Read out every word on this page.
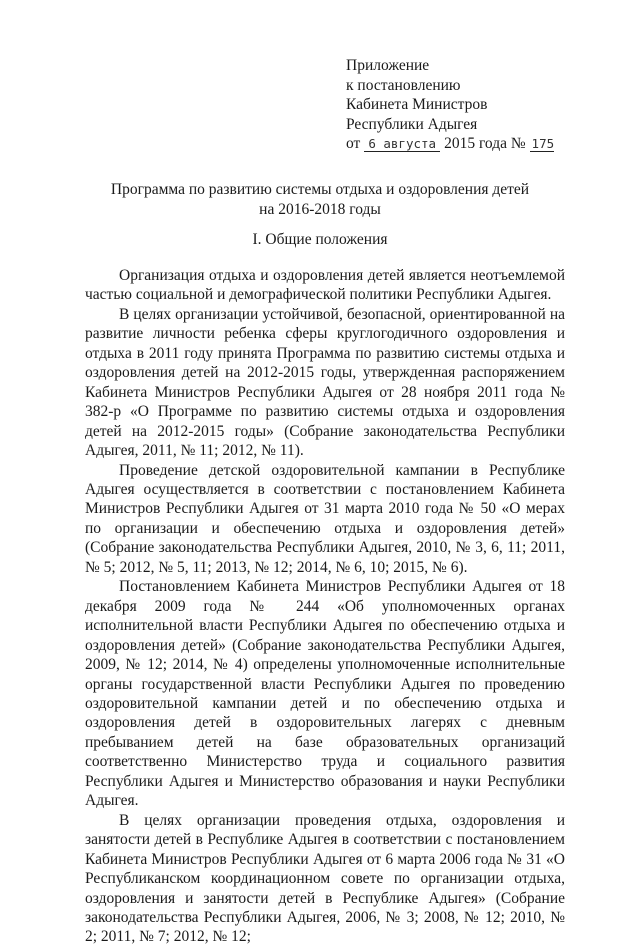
Приложение
к постановлению
Кабинета Министров
Республики Адыгея
от 6 августа 2015 года № 175
Программа по развитию системы отдыха и оздоровления детей
на 2016-2018 годы
I. Общие положения

Организация отдыха и оздоровления детей является неотъемлемой частью социальной и демографической политики Республики Адыгея.

В целях организации устойчивой, безопасной, ориентированной на развитие личности ребенка сферы круглогодичного оздоровления и отдыха в 2011 году принята Программа по развитию системы отдыха и оздоровления детей на 2012-2015 годы, утвержденная распоряжением Кабинета Министров Республики Адыгея от 28 ноября 2011 года № 382-р «О Программе по развитию системы отдыха и оздоровления детей на 2012-2015 годы» (Собрание законодательства Республики Адыгея, 2011, № 11; 2012, № 11).

Проведение детской оздоровительной кампании в Республике Адыгея осуществляется в соответствии с постановлением Кабинета Министров Республики Адыгея от 31 марта 2010 года № 50 «О мерах по организации и обеспечению отдыха и оздоровления детей» (Собрание законодательства Республики Адыгея, 2010, № 3, 6, 11; 2011, № 5; 2012, № 5, 11; 2013, № 12; 2014, № 6, 10; 2015, № 6).

Постановлением Кабинета Министров Республики Адыгея от 18 декабря 2009 года № 244 «Об уполномоченных органах исполнительной власти Республики Адыгея по обеспечению отдыха и оздоровления детей» (Собрание законодательства Республики Адыгея, 2009, № 12; 2014, № 4) определены уполномоченные исполнительные органы государственной власти Республики Адыгея по проведению оздоровительной кампании детей и по обеспечению отдыха и оздоровления детей в оздоровительных лагерях с дневным пребыванием детей на базе образовательных организаций соответственно Министерство труда и социального развития Республики Адыгея и Министерство образования и науки Республики Адыгея.

В целях организации проведения отдыха, оздоровления и занятости детей в Республике Адыгея в соответствии с постановлением Кабинета Министров Республики Адыгея от 6 марта 2006 года № 31 «О Республиканском координационном совете по организации отдыха, оздоровления и занятости детей в Республике Адыгея» (Собрание законодательства Республики Адыгея, 2006, № 3; 2008, № 12; 2010, № 2; 2011, № 7; 2012, № 12;
